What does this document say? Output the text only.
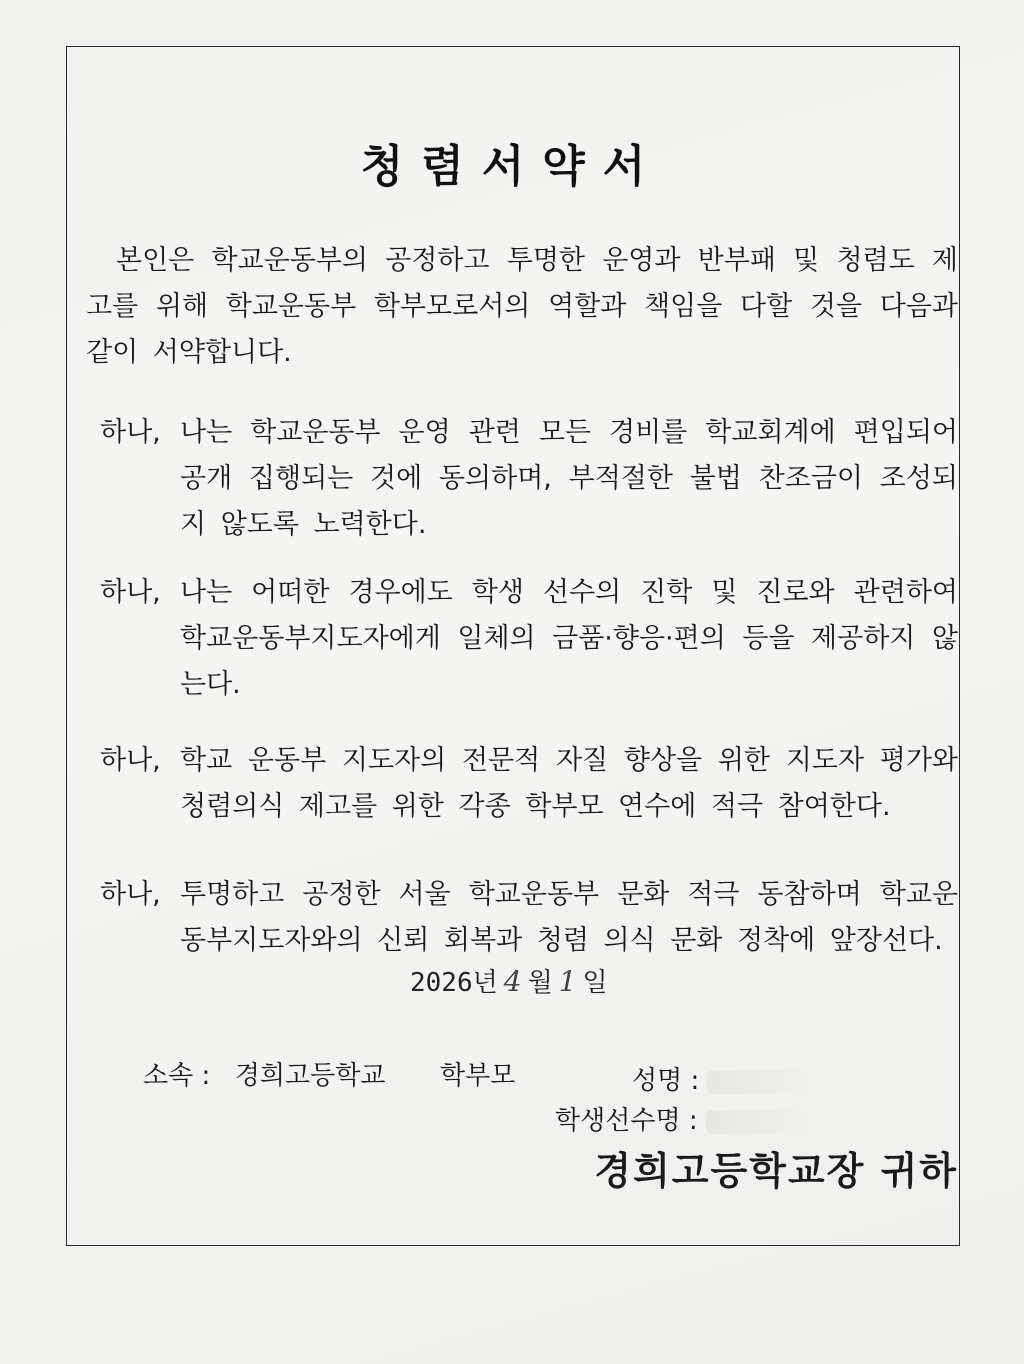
청렴서약서
본인은 학교운동부의 공정하고 투명한 운영과 반부패 및 청렴도 제고를 위해 학교운동부 학부모로서의 역할과 책임을 다할 것을 다음과 같이 서약합니다.
하나, 나는 학교운동부 운영 관련 모든 경비를 학교회계에 편입되어 공개 집행되는 것에 동의하며, 부적절한 불법 찬조금이 조성되지 않도록 노력한다.
하나, 나는 어떠한 경우에도 학생 선수의 진학 및 진로와 관련하여 학교운동부지도자에게 일체의 금품·향응·편의 등을 제공하지 않는다.
하나, 학교 운동부 지도자의 전문적 자질 향상을 위한 지도자 평가와 청렴의식 제고를 위한 각종 학부모 연수에 적극 참여한다.
하나, 투명하고 공정한 서울 학교운동부 문화 적극 동참하며 학교운동부지도자와의 신뢰 회복과 청렴 의식 문화 정착에 앞장선다.
2026년 4 월 1 일
소속 : 경희고등학교 학부모	성명 :
학생선수명 :
경희고등학교장 귀하
